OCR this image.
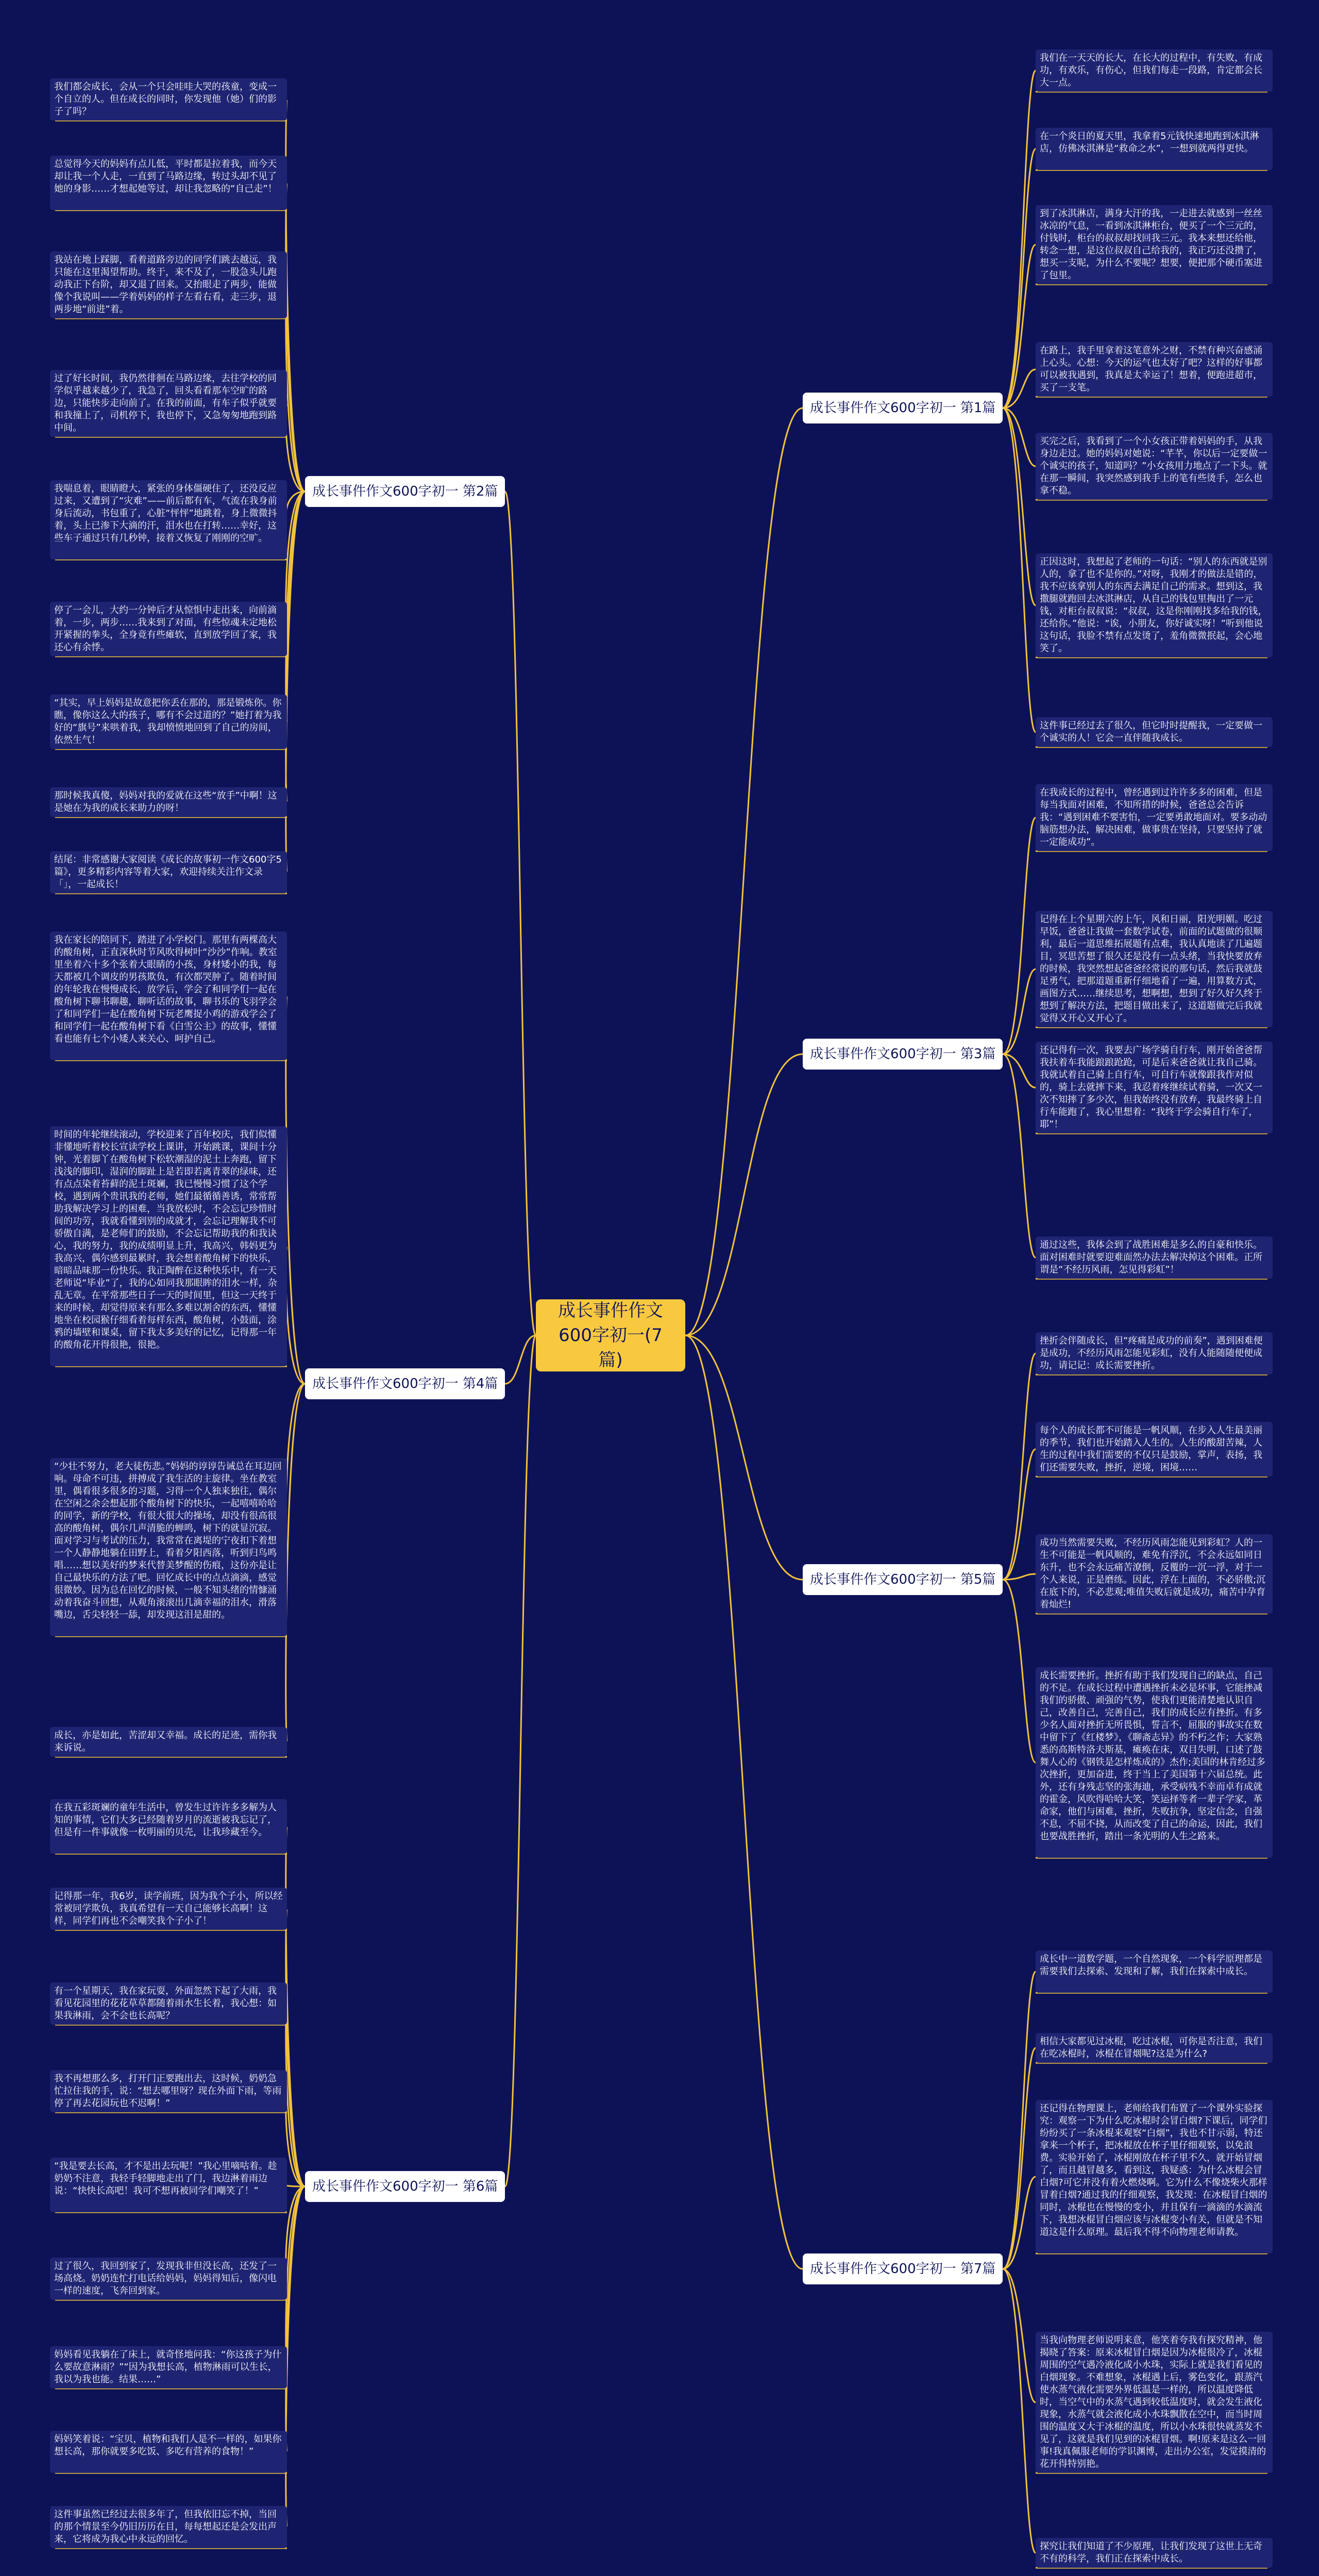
成长事件作文600字初一(7篇)
成长事件作文600字初一 第1篇
成长事件作文600字初一 第2篇
成长事件作文600字初一 第3篇
成长事件作文600字初一 第4篇
成长事件作文600字初一 第5篇
成长事件作文600字初一 第6篇
成长事件作文600字初一 第7篇
我们在一天天的长大，在长大的过程中，有失败，有成功，有欢乐，有伤心，但我们每走一段路，肯定都会长大一点。
在一个炎日的夏天里，我拿着5元钱快速地跑到冰淇淋店，仿佛冰淇淋是“救命之水”，一想到就两得更快。
到了冰淇淋店，满身大汗的我，一走进去就感到一丝丝冰凉的气息，一看到冰淇淋柜台，便买了一个三元的，付钱时，柜台的叔叔却找回我三元。我本来想还给他，转念一想，是这位叔叔自己给我的，我正巧还没攒了，想买一支呢，为什么不要呢？想要，便把那个硬币塞进了包里。
在路上，我手里拿着这笔意外之财，不禁有种兴奋感涌上心头。心想：今天的运气也太好了吧？这样的好事都可以被我遇到，我真是太幸运了！想着，便跑进超市，买了一支笔。
买完之后，我看到了一个小女孩正带着妈妈的手，从我身边走过。她的妈妈对她说：“芊芊，你以后一定要做一个诚实的孩子，知道吗？”小女孩用力地点了一下头。就在那一瞬间，我突然感到我手上的笔有些烫手，怎么也拿不稳。
正因这时，我想起了老师的一句话：“别人的东西就是别人的，拿了也不是你的。”对呀，我刚才的做法是错的，我不应该拿别人的东西去满足自己的需求。想到这，我撒腿就跑回去冰淇淋店，从自己的钱包里掏出了一元钱，对柜台叔叔说：“叔叔，这是你刚刚找多给我的钱，还给你。”他说：“诶，小朋友，你好诚实呀！”听到他说这句话，我脸不禁有点发烫了，羞角微微抿起，会心地笑了。
这件事已经过去了很久，但它时时提醒我，一定要做一个诚实的人！它会一直伴随我成长。
我们都会成长，会从一个只会哇哇大哭的孩童，变成一个自立的人。但在成长的同时，你发现他（她）们的影子了吗？
总觉得今天的妈妈有点儿低，平时都是拉着我，而今天却让我一个人走，一直到了马路边缘，转过头却不见了她的身影……才想起她等过，却让我忽略的“自己走”！
我站在地上踩脚，看着道路旁边的同学们跳去越远，我只能在这里渴望帮助。终于，来不及了，一股急头儿跑动我正下台阶，却又退了回来。又抬眼走了两步，能做像个我说叫——学着妈妈的样子左看右看，走三步，退两步地“前进”着。
过了好长时间，我仍然徘徊在马路边缘，去往学校的同学似乎越来越少了，我急了，回头看看那车空旷的路边，只能快步走向前了。在我的前面，有车子似乎就要和我撞上了，司机停下，我也停下，又急匆匆地跑到路中间。
我喘息着，眼睛瞪大，紧张的身体僵硬住了，还没反应过来，又遭到了“灾难”——前后都有车，气流在我身前身后流动，书包重了，心脏“怦怦”地跳着，身上微微抖着，头上已渗下大滴的汗，泪水也在打转……幸好，这些车子通过只有几秒钟，接着又恢复了刚刚的空旷。
停了一会儿，大约一分钟后才从惊惧中走出来，向前滴着，一步，两步……我来到了对面，有些惊魂未定地松开紧握的拳头，全身竟有些瘫软，直到放学回了家，我还心有余悸。
“其实，早上妈妈是故意把你丢在那的，那是锻炼你。你瞧，像你这么大的孩子，哪有不会过道的？”她打着为我好的“旗号”来哄着我，我却愤愤地回到了自己的房间，依然生气！
那时候我真傻，妈妈对我的爱就在这些“放手”中啊！这是她在为我的成长来助力的呀！
结尾：非常感谢大家阅读《成长的故事初一作文600字5篇》，更多精彩内容等着大家，欢迎持续关注作文录「」，一起成长！
在我成长的过程中，曾经遇到过许许多多的困难，但是每当我面对困难，不知所措的时候，爸爸总会告诉我：“遇到困难不要害怕，一定要勇敢地面对。要多动动脑筋想办法，解决困难，做事贵在坚持，只要坚持了就一定能成功”。
记得在上个星期六的上午，风和日丽，阳光明媚。吃过早饭，爸爸让我做一套数学试卷，前面的试题做的很顺利，最后一道思维拓展题有点难，我认真地读了几遍题目，冥思苦想了很久还是没有一点头绪，当我快要放弃的时候，我突然想起爸爸经常说的那句话，然后我就鼓足勇气，把那道题重新仔细地看了一遍，用算数方式，画图方式……继续思考，想啊想，想到了好久好久终于想到了解决方法，把题目做出来了，这道题做完后我就觉得又开心又开心了。
还记得有一次，我要去广场学骑自行车，刚开始爸爸帮我扶着车我能踉踉跄跄，可是后来爸爸就让我自己骑。我就试着自己骑上自行车，可自行车就像跟我作对似的，骑上去就摔下来，我忍着疼继续试着骑，一次又一次不知摔了多少次，但我始终没有放弃，我最终骑上自行车能跑了，我心里想着：“我终于学会骑自行车了，耶”！
通过这些，我体会到了战胜困难是多么的自豪和快乐。面对困难时就要迎难面然办法去解决掉这个困难。正所谓是“不经历风雨，怎见得彩虹”！
我在家长的陪同下，踏进了小学校门。那里有两棵高大的酸角树，正直深秋时节风吹得树叶“沙沙”作响。教室里坐着六十多个张着大眼睛的小孩，身材矮小的我，每天都被几个调皮的男孩欺负，有次都哭肿了。随着时间的年轮我在慢慢成长，放学后，学会了和同学们一起在酸角树下聊书聊趣，聊听话的故事，聊书乐的飞羽学会了和同学们一起在酸角树下玩老鹰捉小鸡的游戏学会了和同学们一起在酸角树下看《白雪公主》的故事，懂懂看也能有七个小矮人来关心、呵护自己。
时间的年轮继续滚动，学校迎来了百年校庆，我们似懂非懂地听着校长宣读学校上课讲，开始跳课，课间十分钟，光着脚丫在酸角树下松软潮湿的泥土上奔跑，留下浅浅的脚印，湿润的脚趾上是若即若离青翠的绿味，还有点点染着苔藓的泥土斑斓，我已慢慢习惯了这个学校，遇到两个贵讯我的老师，她们最循循善诱，常常帮助我解决学习上的困难，当我放松时，不会忘记珍惜时间的功劳，我就看懂到别的成就才，会忘记理解我不可骄傲自满，是老师们的鼓励，不会忘记帮助我的和我诀心，我的努力，我的成绩明显上升，我高兴，韩妈更为我高兴，偶尔感到最累时，我会想着酸角树下的快乐，暗暗品味那一份快乐。我正陶醉在这种快乐中，有一天老师说“毕业”了，我的心如同我那眼眸的泪水一样，杂乱无章。在平常那些日子一天的时间里，但这一天终于来的时候，却觉得原来有那么多难以割舍的东西，懂懂地坐在校园猴仔细看着每样东西，酸角树，小鼓面，涂鸦的墙壁和课桌，留下我太多美好的记忆，记得那一年的酸角花开得很艳，很艳。
“少壮不努力，老大徒伤悲。”妈妈的谆谆告诫总在耳边回响。母命不可违，拼搏成了我生活的主旋律。坐在教室里，偶看很多很多的习题，习得一个人独来独往，偶尔在空闲之余会想起那个酸角树下的快乐，一起嘻嘻哈哈的同学，新的学校，有很大很大的操场，却没有很高很高的酸角树，偶尔几声清脆的蝉鸣，树下的就显沉寂。面对学习与考试的压力，我常常在离堤的宁夜扣下着想一个人静静地躺在田野上，看着夕阳西落，听到归鸟鸣唱……想以美好的梦来代替美梦醒的伤痕，这份亦是让自己最快乐的方法了吧。回忆成长中的点点滴滴，感觉很微妙。因为总在回忆的时候，一般不知头绪的情慷涌动着我奋斗回想，从观角滚滚出几滴幸福的泪水，滑落嘴边，舌尖轻轻一舔，却发现这泪是甜的。
成长，亦是如此，苦涩却又幸福。成长的足迹，需你我来诉说。
挫折会伴随成长，但“疼痛是成功的前奏”，遇到困难便是成功，不经历风雨怎能见彩虹，没有人能随随便便成功，请记记：成长需要挫折。
每个人的成长都不可能是一帆风顺，在步入人生最美丽的季节，我们也开始踏入人生的。人生的酸甜苦辣，人生的过程中我们需要的不仅只是鼓励，掌声，表扬，我们还需要失败，挫折，逆境，困境……
成功当然需要失败，不经历风雨怎能见到彩虹？人的一生不可能是一帆风顺的，难免有浮沉，不会永远如同日东升，也不会永远痛苦潦倒，反覆的一沉一浮，对于一个人来说，正是磨练。因此，浮在上面的，不必骄傲;沉在底下的，不必悲观;唯值失败后就是成功，痛苦中孕育着灿烂!
成长需要挫折。挫折有助于我们发现自己的缺点，自己的不足。在成长过程中遭遇挫折未必是坏事，它能挫减我们的骄傲、顽强的气势，使我们更能清楚地认识自己，改善自己，完善自己，我们的成长应有挫折。有多少名人面对挫折无所畏惧，誓言不，屈服的事故实在数中留下了《红楼梦》，《聊斋志异》的不朽之作；大家熟悉的高斯特洛夫斯基，瘫痪在床，双目失明，口述了鼓舞人心的《钢铁是怎样炼成的》杰作;美国的林肯经过多次挫折，更加奋进，终于当上了美国第十六届总统。此外，还有身残志坚的张海迪，承受病残不幸而卓有成就的霍金，风吹得哈哈大笑，笑运择等者一辈子学家，革命家，他们与困难，挫折，失败抗争，坚定信念，自强不息，不屈不挠，从而改变了自己的命运，因此，我们也要战胜挫折，踏出一条光明的人生之路来。
在我五彩斑斓的童年生活中，曾发生过许许多多解为人知的事情，它们大多已经随着岁月的流逝被我忘记了，但是有一件事就像一枚明丽的贝壳，让我珍藏至今。
记得那一年，我6岁，读学前班，因为我个子小，所以经常被同学欺负，我真希望有一天自己能够长高啊！这样，同学们再也不会嘲笑我个子小了！
有一个星期天，我在家玩耍，外面忽然下起了大雨，我看见花园里的花花草草都随着雨水生长着，我心想：如果我淋雨，会不会也长高呢？
我不再想那么多，打开门正要跑出去，这时候，奶奶急忙拉住我的手，说：“想去哪里呀？现在外面下雨，等雨停了再去花园玩也不迟啊！”
“我是要去长高，才不是出去玩呢！”我心里嘀咕着。趁奶奶不注意，我轻手轻脚地走出了门，我边淋着雨边说：“快快长高吧！我可不想再被同学们嘲笑了！”
过了很久，我回到家了，发现我非但没长高，还发了一场高烧。奶奶连忙打电话给妈妈，妈妈得知后，像闪电一样的速度，飞奔回到家。
妈妈看见我躺在了床上，就奇怪地问我：“你这孩子为什么要故意淋雨？”“因为我想长高，植物淋雨可以生长，我以为我也能。结果……”
妈妈笑着说：“宝贝，植物和我们人是不一样的，如果你想长高，那你就要多吃饭、多吃有营养的食物！”
这件事虽然已经过去很多年了，但我依旧忘不掉，当回的那个情景至今仍旧历历在目，每每想起还是会发出声来，它将成为我心中永远的回忆。
成长中一道数学题，一个自然现象，一个科学原理都是需要我们去探索、发现和了解，我们在探索中成长。
相信大家都见过冰棍，吃过冰棍，可你是否注意，我们在吃冰棍时，冰棍在冒烟呢?这是为什么?
还记得在物理课上，老师给我们布置了一个课外实验探究：观察一下为什么吃冰棍时会冒白烟?下课后，同学们纷纷买了一条冰棍来观察“白烟”，我也不甘示弱，特还拿来一个杯子，把冰棍放在杯子里仔细观察，以免浪费。实验开始了，冰棍刚放在杯子里不久，就开始冒烟了，而且越冒越多，看到这，我疑惑：为什么冰棍会冒白烟?可它并没有着火燃烧啊。它为什么不像烧柴火那样冒着白烟?通过我的仔细观察，我发现：在冰棍冒白烟的同时，冰棍也在慢慢的变小，并且保有一滴滴的水滴流下，我想冰棍冒白烟应该与冰棍变小有关，但就是不知道这是什么原理。最后我不得不向物理老师请教。
当我向物理老师说明来意，他笑着夸我有探究精神，他揭晓了答案：原来冰棍冒白烟是因为冰棍很冷了，冰棍周围的空气遇冷液化成小水珠，实际上就是我们看见的白烟现象。不难想象，冰棍遇上后，雾色变化，跟蒸汽使水蒸气液化需要外界低温是一样的，所以温度降低时，当空气中的水蒸气遇到较低温度时，就会发生液化现象，水蒸气就会液化成小水珠飘散在空中，而当时周围的温度又大于冰棍的温度，所以小水珠很快就蒸发不见了，这就是我们见到的冰棍冒烟。啊!原来是这么一回事!我真佩服老师的学识渊博，走出办公室，发觉摸清的花开得特别艳。
探究让我们知道了不少原理，让我们发现了这世上无奇不有的科学，我们正在探索中成长。
